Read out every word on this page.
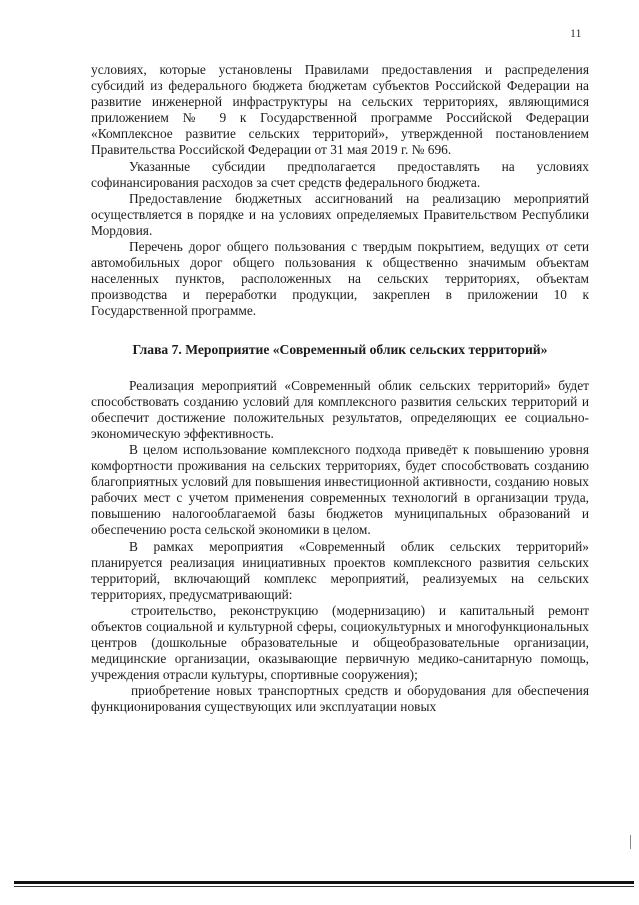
11

условиях, которые установлены Правилами предоставления и распределения субсидий из федерального бюджета бюджетам субъектов Российской Федерации на развитие инженерной инфраструктуры на сельских территориях, являющимися приложением № 9 к Государственной программе Российской Федерации «Комплексное развитие сельских территорий», утвержденной постановлением Правительства Российской Федерации от 31 мая 2019 г. № 696.

Указанные субсидии предполагается предоставлять на условиях софинансирования расходов за счет средств федерального бюджета.

Предоставление бюджетных ассигнований на реализацию мероприятий осуществляется в порядке и на условиях определяемых Правительством Республики Мордовия.

Перечень дорог общего пользования с твердым покрытием, ведущих от сети автомобильных дорог общего пользования к общественно значимым объектам населенных пунктов, расположенных на сельских территориях, объектам производства и переработки продукции, закреплен в приложении 10 к Государственной программе.

Глава 7. Мероприятие «Современный облик сельских территорий»

Реализация мероприятий «Современный облик сельских территорий» будет способствовать созданию условий для комплексного развития сельских территорий и обеспечит достижение положительных результатов, определяющих ее социально-экономическую эффективность.

В целом использование комплексного подхода приведёт к повышению уровня комфортности проживания на сельских территориях, будет способствовать созданию благоприятных условий для повышения инвестиционной активности, созданию новых рабочих мест с учетом применения современных технологий в организации труда, повышению налогооблагаемой базы бюджетов муниципальных образований и обеспечению роста сельской экономики в целом.

В рамках мероприятия «Современный облик сельских территорий» планируется реализация инициативных проектов комплексного развития сельских территорий, включающий комплекс мероприятий, реализуемых на сельских территориях, предусматривающий:

строительство, реконструкцию (модернизацию) и капитальный ремонт объектов социальной и культурной сферы, социокультурных и многофункциональных центров (дошкольные образовательные и общеобразовательные организации, медицинские организации, оказывающие первичную медико-санитарную помощь, учреждения отрасли культуры, спортивные сооружения);

приобретение новых транспортных средств и оборудования для обеспечения функционирования существующих или эксплуатации новых
